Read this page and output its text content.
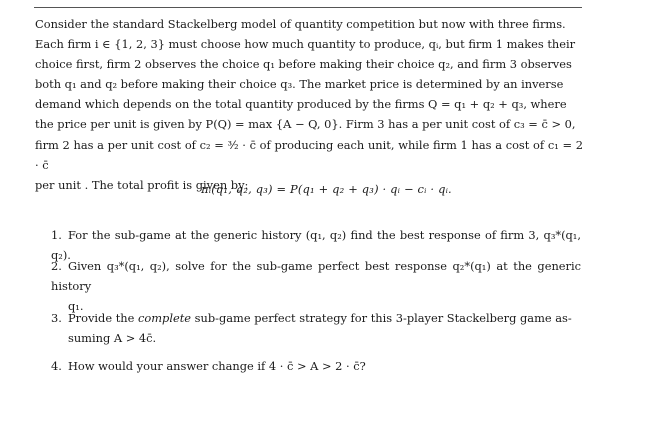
Consider the standard Stackelberg model of quantity competition but now with three firms.
Each firm i ∈ {1, 2, 3} must choose how much quantity to produce, qᵢ, but firm 1 makes their
choice first, firm 2 observes the choice q₁ before making their choice q₂, and firm 3 observes
both q₁ and q₂ before making their choice q₃. The market price is determined by an inverse
demand which depends on the total quantity produced by the firms Q = q₁ + q₂ + q₃, where
the price per unit is given by P(Q) = max {A − Q, 0}. Firm 3 has a per unit cost of c₃ = c̄ > 0,
firm 2 has a per unit cost of c₂ = ³⁄₂ · c̄ of producing each unit, while firm 1 has a cost of c₁ = 2 · c̄
per unit . The total profit is given by:
πᵢ(q₁, q₂, q₃) = P(q₁ + q₂ + q₃) · qᵢ − cᵢ · qᵢ.
1. For the sub-game at the generic history (q₁, q₂) find the best response of firm 3, q₃*(q₁, q₂).
2. Given q₃*(q₁, q₂), solve for the sub-game perfect best response q₂*(q₁) at the generic history
q₁.
3. Provide the complete sub-game perfect strategy for this 3-player Stackelberg game as-
suming A > 4c̄.
4. How would your answer change if 4 · c̄ > A > 2 · c̄?
